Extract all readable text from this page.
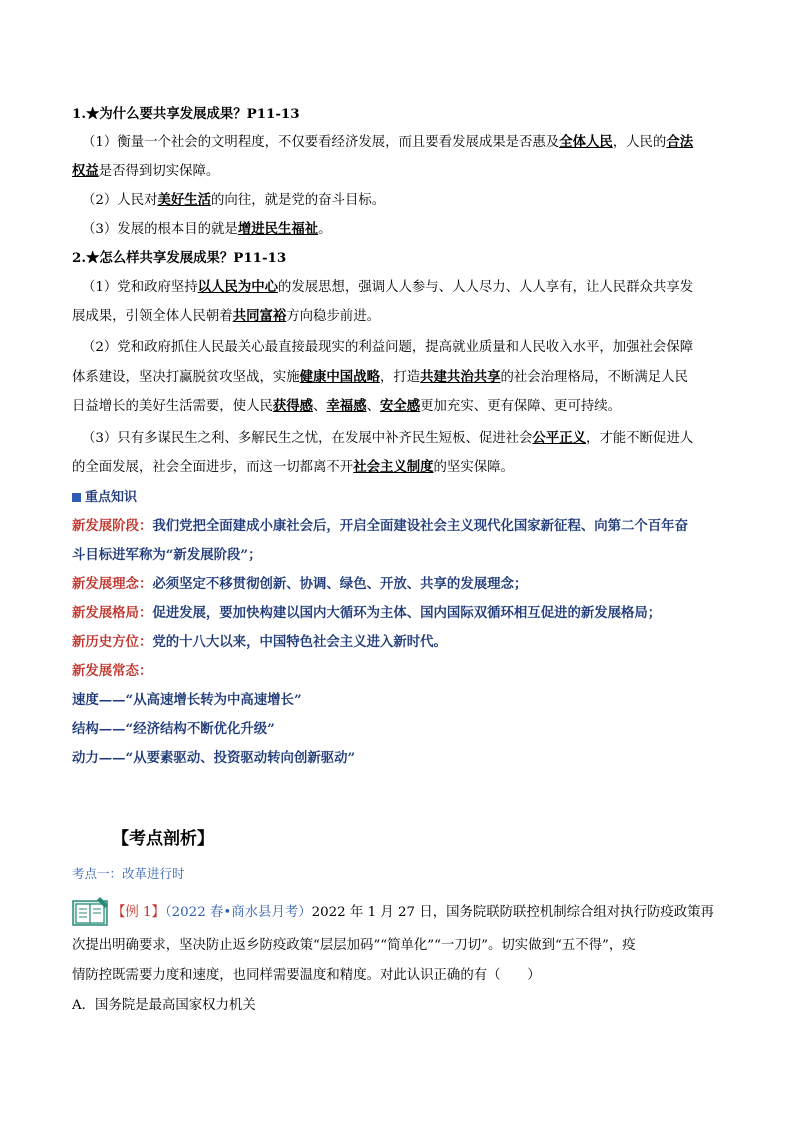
1.★为什么要共享发展成果？P11-13
（1）衡量一个社会的文明程度，不仅要看经济发展，而且要看发展成果是否惠及全体人民，人民的合法
权益是否得到切实保障。
（2）人民对美好生活的向往，就是党的奋斗目标。
（3）发展的根本目的就是增进民生福祉。
2.★怎么样共享发展成果？P11-13
（1）党和政府坚持以人民为中心的发展思想，强调人人参与、人人尽力、人人享有，让人民群众共享发
展成果，引领全体人民朝着共同富裕方向稳步前进。
（2）党和政府抓住人民最关心最直接最现实的利益问题，提高就业质量和人民收入水平，加强社会保障
体系建设，坚决打赢脱贫攻坚战，实施健康中国战略，打造共建共治共享的社会治理格局，不断满足人民
日益增长的美好生活需要，使人民获得感、幸福感、安全感更加充实、更有保障、更可持续。
（3）只有多谋民生之利、多解民生之忧，在发展中补齐民生短板、促进社会公平正义，才能不断促进人
的全面发展，社会全面进步，而这一切都离不开社会主义制度的坚实保障。
重点知识
新发展阶段：我们党把全面建成小康社会后，开启全面建设社会主义现代化国家新征程、向第二个百年奋
斗目标进军称为“新发展阶段”；
新发展理念：必须坚定不移贯彻创新、协调、绿色、开放、共享的发展理念；
新发展格局：促进发展，要加快构建以国内大循环为主体、国内国际双循环相互促进的新发展格局；
新历史方位：党的十八大以来，中国特色社会主义进入新时代。
新发展常态：
速度——“从高速增长转为中高速增长”
结构——“经济结构不断优化升级”
动力——“从要素驱动、投资驱动转向创新驱动”
【考点剖析】
考点一：改革进行时
【例 1】（2022 春•商水县月考）2022 年 1 月 27 日，国务院联防联控机制综合组对执行防疫政策再
次提出明确要求，坚决防止返乡防疫政策“层层加码”“简单化”“一刀切”。切实做到“五不得”，疫
情防控既需要力度和速度，也同样需要温度和精度。对此认识正确的有（　　）
A．国务院是最高国家权力机关
